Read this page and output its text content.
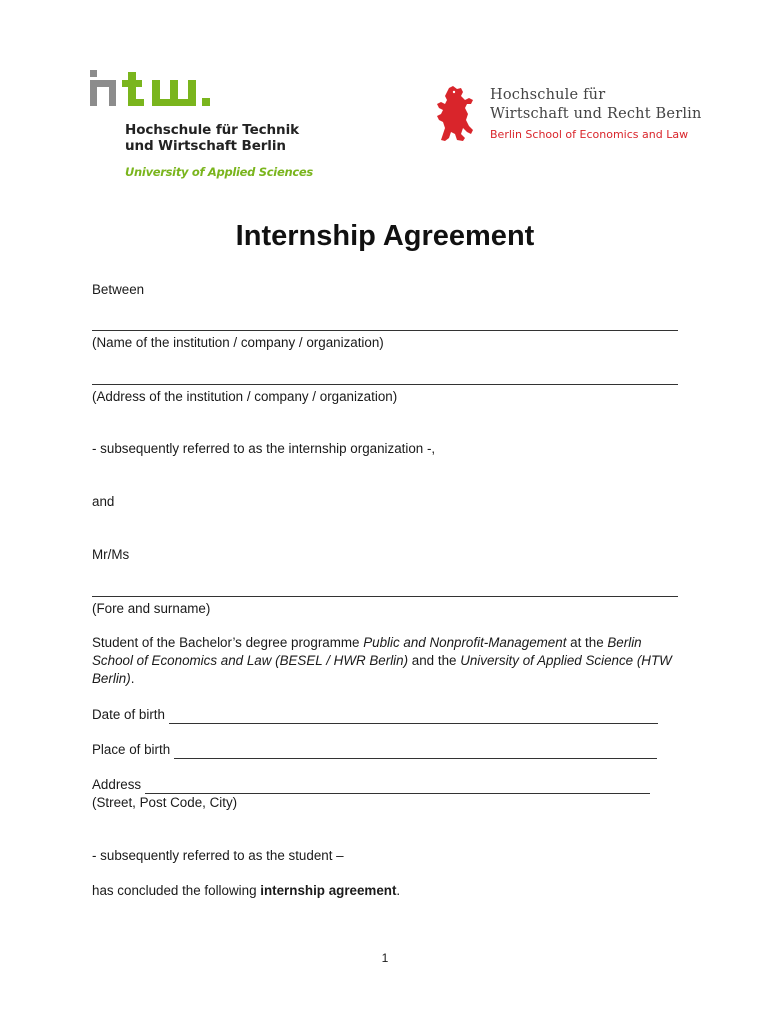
Hochschule für Technik
und Wirtschaft Berlin
University of Applied Sciences
Hochschule für
Wirtschaft und Recht Berlin
Berlin School of Economics and Law
Internship Agreement
Between
(Name of the institution / company / organization)
(Address of the institution / company / organization)
- subsequently referred to as the internship organization -,
and
Mr/Ms
(Fore and surname)
Student of the Bachelor’s degree programme Public and Nonprofit-Management at the Berlin School of Economics and Law (BESEL / HWR Berlin) and the University of Applied Science (HTW Berlin).
Date of birth
Place of birth
Address
(Street, Post Code, City)
- subsequently referred to as the student –
has concluded the following internship agreement.
1
